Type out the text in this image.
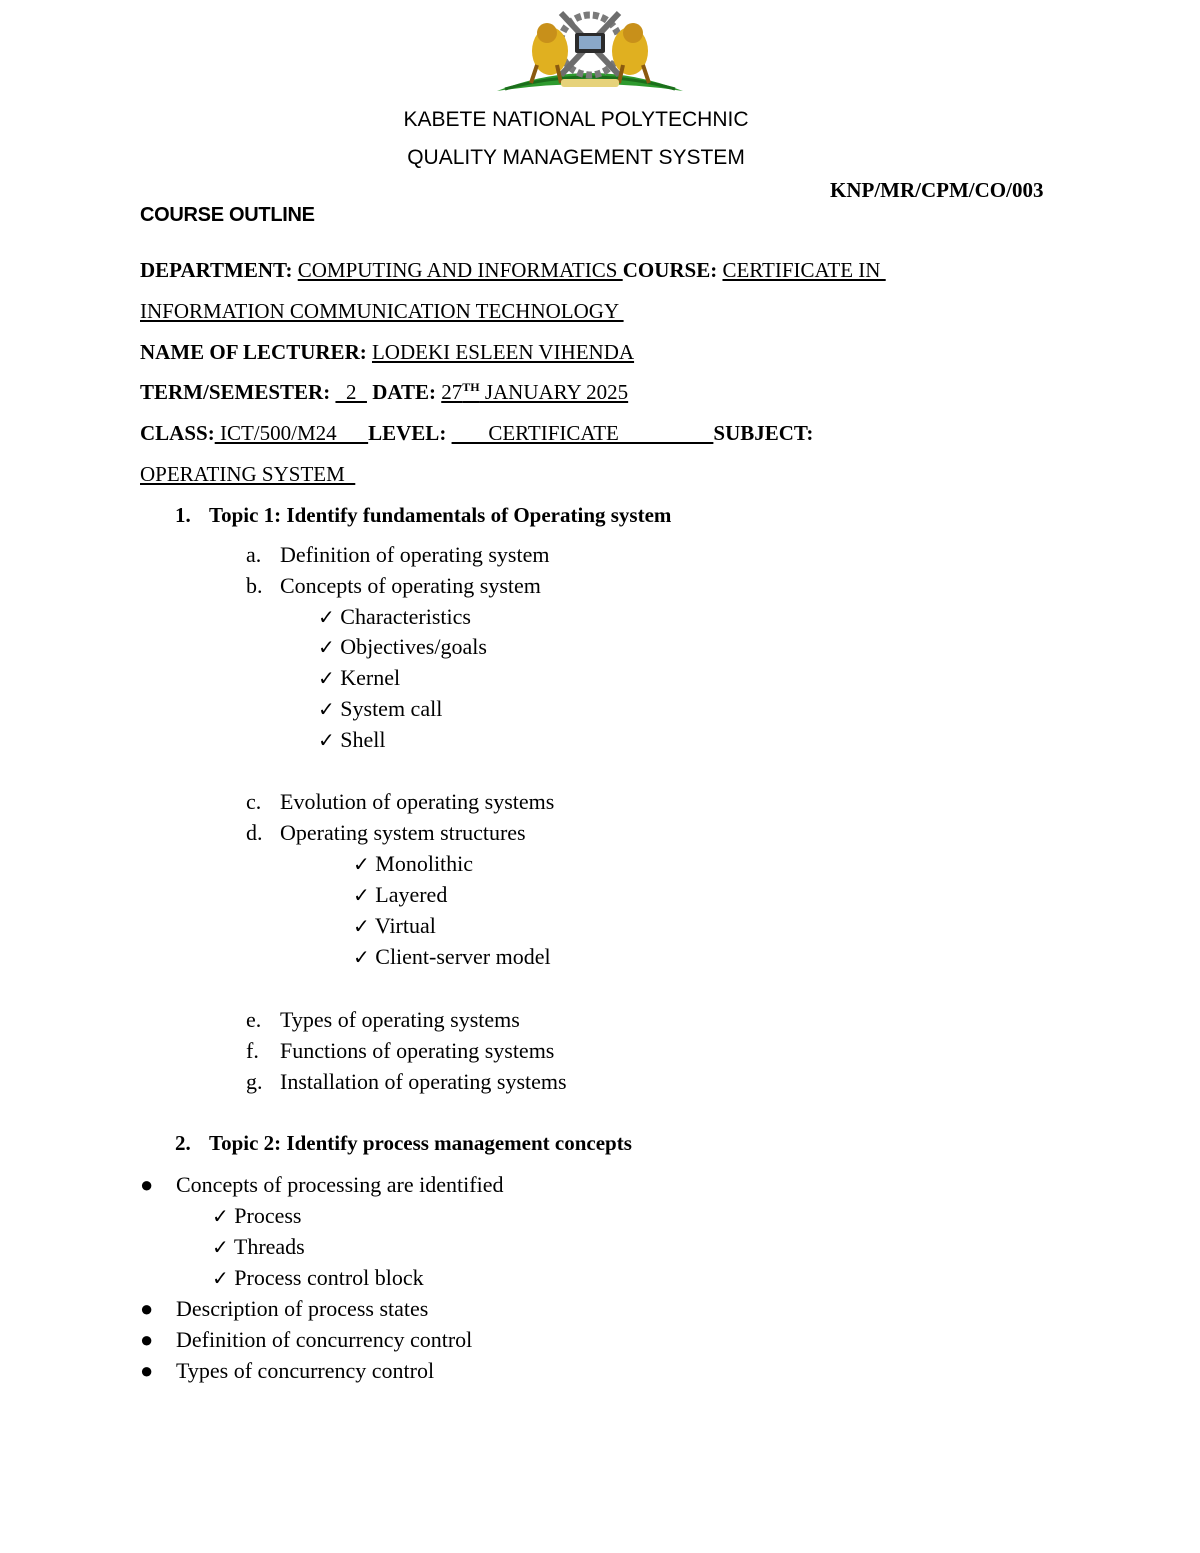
KABETE NATIONAL POLYTECHNIC
QUALITY MANAGEMENT SYSTEM
KNP/MR/CPM/CO/003
COURSE OUTLINE
DEPARTMENT: COMPUTING AND INFORMATICS COURSE: CERTIFICATE IN
INFORMATION COMMUNICATION TECHNOLOGY
NAME OF LECTURER: LODEKI ESLEEN VIHENDA
TERM/SEMESTER:   2   DATE: 27TH JANUARY 2025
CLASS: ICT/500/M24      LEVEL:        CERTIFICATE                  SUBJECT:
OPERATING SYSTEM
1. Topic 1: Identify fundamentals of Operating system
a. Definition of operating system
b. Concepts of operating system
✓ Characteristics
✓ Objectives/goals
✓ Kernel
✓ System call
✓ Shell
c. Evolution of operating systems
d. Operating system structures
✓ Monolithic
✓ Layered
✓ Virtual
✓ Client-server model
e. Types of operating systems
f. Functions of operating systems
g. Installation of operating systems
2. Topic 2: Identify process management concepts
● Concepts of processing are identified
✓ Process
✓ Threads
✓ Process control block
● Description of process states
● Definition of concurrency control
● Types of concurrency control
